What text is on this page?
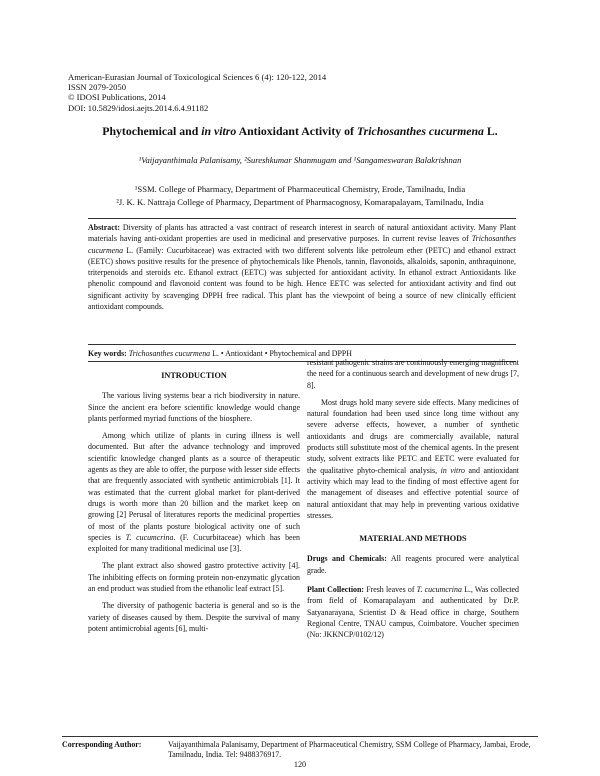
American-Eurasian Journal of Toxicological Sciences 6 (4): 120-122, 2014
ISSN 2079-2050
© IDOSI Publications, 2014
DOI: 10.5829/idosi.aejts.2014.6.4.91182
Phytochemical and in vitro Antioxidant Activity of Trichosanthes cucurmena L.
¹Vaijayanthimala Palanisamy, ²Sureshkumar Shanmugam and ¹Sangameswaran Balakrishnan
¹SSM. College of Pharmacy, Department of Pharmaceutical Chemistry, Erode, Tamilnadu, India
²J. K. K. Nattraja College of Pharmacy, Department of Pharmacognosy, Komarapalayam, Tamilnadu, India
Abstract: Diversity of plants has attracted a vast contract of research interest in search of natural antioxidant activity. Many Plant materials having anti-oxidant properties are used in medicinal and preservative purposes. In current revise leaves of Trichosanthes cucurmena L. (Family: Cucurbitaceae) was extracted with two different solvents like petroleum ether (PETC) and ethanol extract (EETC) shows positive results for the presence of phytochemicals like Phenols, tannin, flavonoids, alkaloids, saponin, anthraquinone, triterpenoids and steroids etc. Ethanol extract (EETC) was subjected for antioxidant activity. In ethanol extract Antioxidants like phenolic compound and flavonoid content was found to be high. Hence EETC was selected for antioxidant activity and find out significant activity by scavenging DPPH free radical. This plant has the viewpoint of being a source of new clinically efficient antioxidant compounds.
Key words: Trichosanthes cucurmena L. • Antioxidant • Phytochemical and DPPH
INTRODUCTION

The various living systems bear a rich biodiversity in nature. Since the ancient era before scientific knowledge would change plants performed myriad functions of the biosphere.

Among which utilize of plants in curing illness is well documented. But after the advance technology and improved scientific knowledge changed plants as a source of therapeutic agents as they are able to offer, the purpose with lesser side effects that are frequently associated with synthetic antimicrobials [1]. It was estimated that the current global market for plant-derived drugs is worth more than 20 billion and the market keep on growing [2] Perusal of literatures reports the medicinal properties of most of the plants posture biological activity one of such species is T. cucumcrina. (F. Cucurbitaceae) which has been exploited for many traditional medicinal use [3].

The plant extract also showed gastro protective activity [4]. The inhibiting effects on forming protein non-enzymatic glycation an end product was studied from the ethanolic leaf extract [5].

The diversity of pathogenic bacteria is general and so is the variety of diseases caused by them. Despite the survival of many potent antimicrobial agents [6], multi-

resistant pathogenic strains are continuously emerging magnificent the need for a continuous search and development of new drugs [7, 8].

Most drugs hold many severe side effects. Many medicines of natural foundation had been used since long time without any severe adverse effects, however, a number of synthetic antioxidants and drugs are commercially available, natural products still substitute most of the chemical agents. In the present study, solvent extracts like PETC and EETC were evaluated for the qualitative phyto-chemical analysis, in vitro and antioxidant activity which may lead to the finding of most effective agent for the management of diseases and effective potential source of natural antioxidant that may help in preventing various oxidative stresses.

MATERIAL AND METHODS

Drugs and Chemicals: All reagents procured were analytical grade.

Plant Collection: Fresh leaves of T. cucumcrina L., Was collected from field of Komarapalayam and authenticated by Dr.P. Satyanarayana, Scientist D & Head office in charge, Southern Regional Centre, TNAU campus, Coimbatore. Voucher specimen (No: JKKNCP/0102/12)

Corresponding Author:	Vaijayanthimala Palanisamy, Department of Pharmaceutical Chemistry, SSM College of Pharmacy, Jambai, Erode, Tamilnadu, India. Tel: 9488376917.
120
